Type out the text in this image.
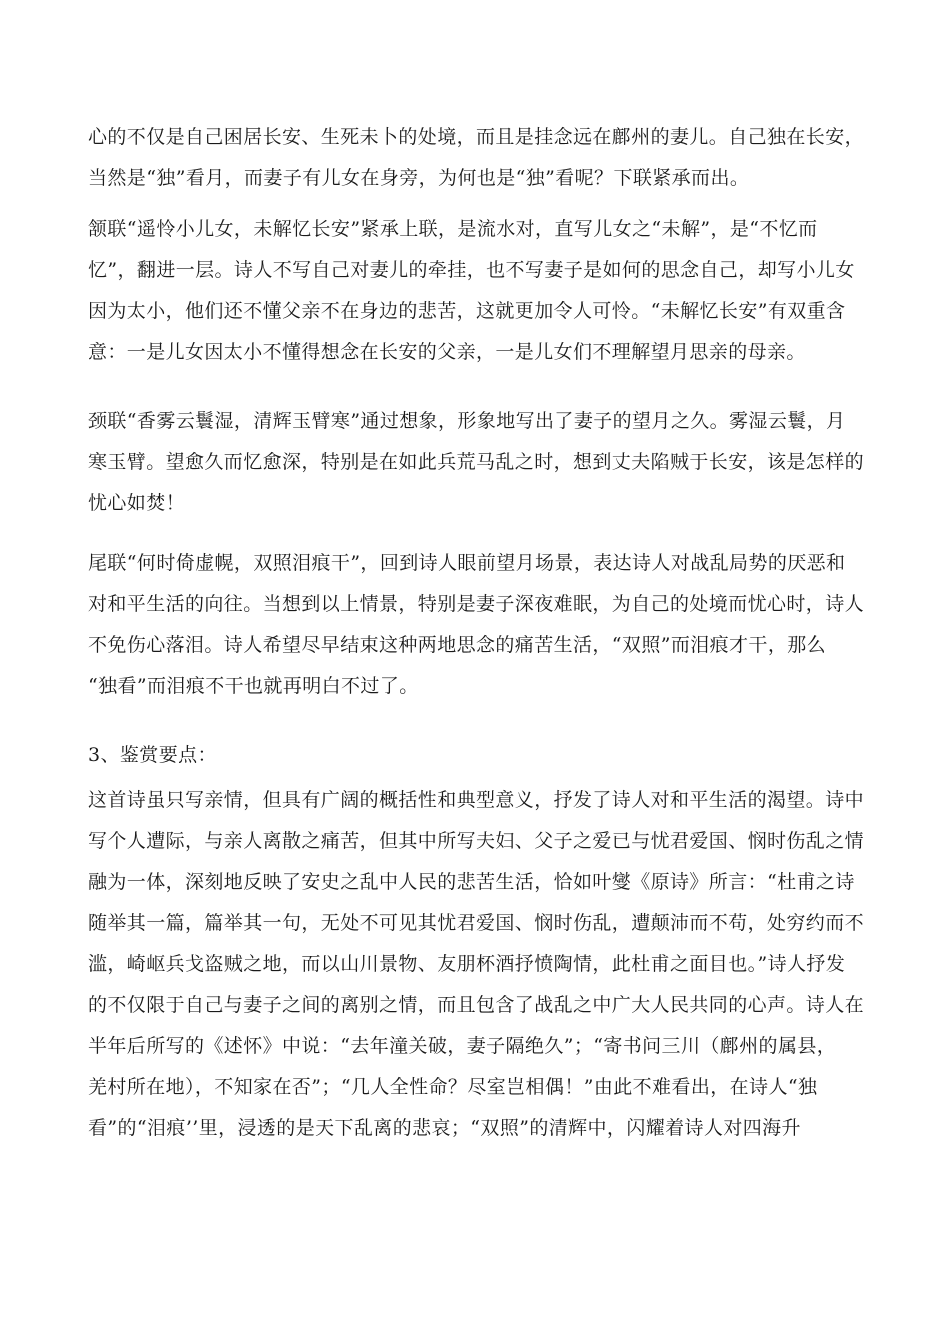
心的不仅是自己困居长安、生死未卜的处境，而且是挂念远在鄜州的妻儿。自己独在长安，
当然是“独”看月，而妻子有儿女在身旁，为何也是“独”看呢？下联紧承而出。
颔联“遥怜小儿女，未解忆长安”紧承上联，是流水对，直写儿女之“未解”，是“不忆而
忆”，翻进一层。诗人不写自己对妻儿的牵挂，也不写妻子是如何的思念自己，却写小儿女
因为太小，他们还不懂父亲不在身边的悲苦，这就更加令人可怜。“未解忆长安”有双重含
意：一是儿女因太小不懂得想念在长安的父亲，一是儿女们不理解望月思亲的母亲。
颈联“香雾云鬟湿，清辉玉臂寒”通过想象，形象地写出了妻子的望月之久。雾湿云鬟，月
寒玉臂。望愈久而忆愈深，特别是在如此兵荒马乱之时，想到丈夫陷贼于长安，该是怎样的
忧心如焚！
尾联“何时倚虚幌，双照泪痕干”，回到诗人眼前望月场景，表达诗人对战乱局势的厌恶和
对和平生活的向往。当想到以上情景，特别是妻子深夜难眠，为自己的处境而忧心时，诗人
不免伤心落泪。诗人希望尽早结束这种两地思念的痛苦生活，“双照”而泪痕才干，那么
“独看”而泪痕不干也就再明白不过了。
3、鉴赏要点：
这首诗虽只写亲情，但具有广阔的概括性和典型意义，抒发了诗人对和平生活的渴望。诗中
写个人遭际，与亲人离散之痛苦，但其中所写夫妇、父子之爱已与忧君爱国、悯时伤乱之情
融为一体，深刻地反映了安史之乱中人民的悲苦生活，恰如叶燮《原诗》所言：“杜甫之诗
随举其一篇，篇举其一句，无处不可见其忧君爱国、悯时伤乱，遭颠沛而不苟，处穷约而不
滥，崎岖兵戈盗贼之地，而以山川景物、友朋杯酒抒愤陶情，此杜甫之面目也。”诗人抒发
的不仅限于自己与妻子之间的离别之情，而且包含了战乱之中广大人民共同的心声。诗人在
半年后所写的《述怀》中说：“去年潼关破，妻子隔绝久”；“寄书问三川（鄜州的属县，
羌村所在地），不知家在否”；“几人全性命？尽室岂相偶！”由此不难看出，在诗人“独
看”的“泪痕’’里，浸透的是天下乱离的悲哀；“双照”的清辉中，闪耀着诗人对四海升
